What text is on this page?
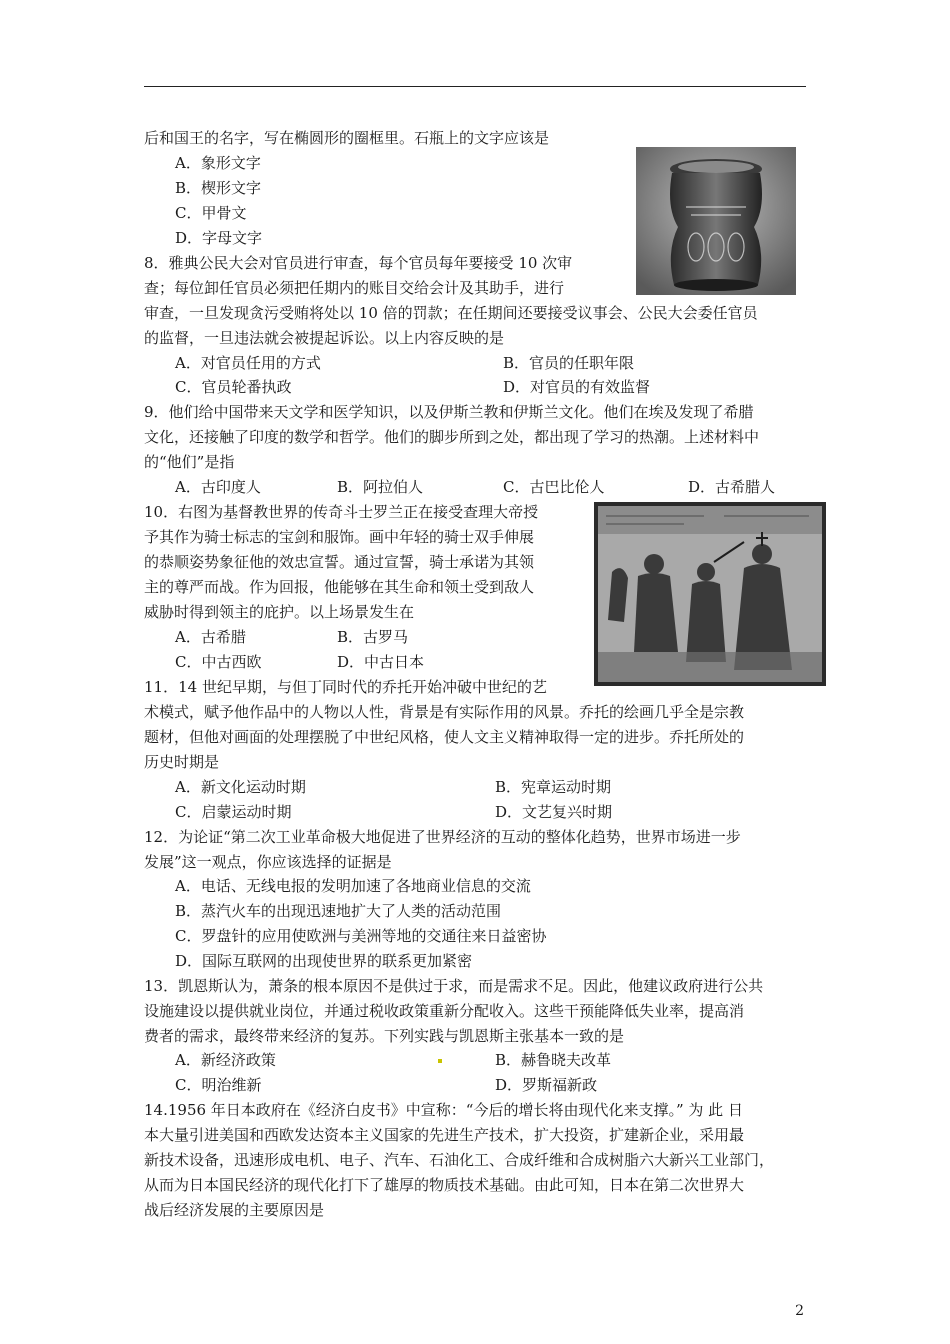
后和国王的名字，写在椭圆形的圈框里。石瓶上的文字应该是
A．象形文字
B．楔形文字
C．甲骨文
D．字母文字
8．雅典公民大会对官员进行审查，每个官员每年要接受 10 次审
查；每位卸任官员必须把任期内的账目交给会计及其助手，进行
审查，一旦发现贪污受贿将处以 10 倍的罚款；在任期间还要接受议事会、公民大会委任官员
的监督，一旦违法就会被提起诉讼。以上内容反映的是
A．对官员任用的方式	B．官员的任职年限
C．官员轮番执政	D．对官员的有效监督
9．他们给中国带来天文学和医学知识，以及伊斯兰教和伊斯兰文化。他们在埃及发现了希腊
文化，还接触了印度的数学和哲学。他们的脚步所到之处，都出现了学习的热潮。上述材料中
的“他们”是指
A．古印度人	B．阿拉伯人	C．古巴比伦人	D．古希腊人
10．右图为基督教世界的传奇斗士罗兰正在接受查理大帝授
予其作为骑士标志的宝剑和服饰。画中年轻的骑士双手伸展
的恭顺姿势象征他的效忠宣誓。通过宣誓，骑士承诺为其领
主的尊严而战。作为回报，他能够在其生命和领土受到敌人
威胁时得到领主的庇护。以上场景发生在
A．古希腊	B．古罗马
C．中古西欧	D．中古日本
11．14 世纪早期，与但丁同时代的乔托开始冲破中世纪的艺
术模式，赋予他作品中的人物以人性，背景是有实际作用的风景。乔托的绘画几乎全是宗教
题材，但他对画面的处理摆脱了中世纪风格，使人文主义精神取得一定的进步。乔托所处的
历史时期是
A．新文化运动时期	B．宪章运动时期
C．启蒙运动时期	D．文艺复兴时期
12．为论证“第二次工业革命极大地促进了世界经济的互动的整体化趋势，世界市场进一步
发展”这一观点，你应该选择的证据是
A．电话、无线电报的发明加速了各地商业信息的交流
B．蒸汽火车的出现迅速地扩大了人类的活动范围
C．罗盘针的应用使欧洲与美洲等地的交通往来日益密协
D．国际互联网的出现使世界的联系更加紧密
13．凯恩斯认为，萧条的根本原因不是供过于求，而是需求不足。因此，他建议政府进行公共
设施建设以提供就业岗位，并通过税收政策重新分配收入。这些干预能降低失业率，提高消
费者的需求，最终带来经济的复苏。下列实践与凯恩斯主张基本一致的是
A．新经济政策	B．赫鲁晓夫改革
C．明治维新	D．罗斯福新政
14.1956 年日本政府在《经济白皮书》中宣称：“今后的增长将由现代化来支撑。” 为 此 日
本大量引进美国和西欧发达资本主义国家的先进生产技术，扩大投资，扩建新企业，采用最
新技术设备，迅速形成电机、电子、汽车、石油化工、合成纤维和合成树脂六大新兴工业部门，
从而为日本国民经济的现代化打下了雄厚的物质技术基础。由此可知，日本在第二次世界大
战后经济发展的主要原因是
2
